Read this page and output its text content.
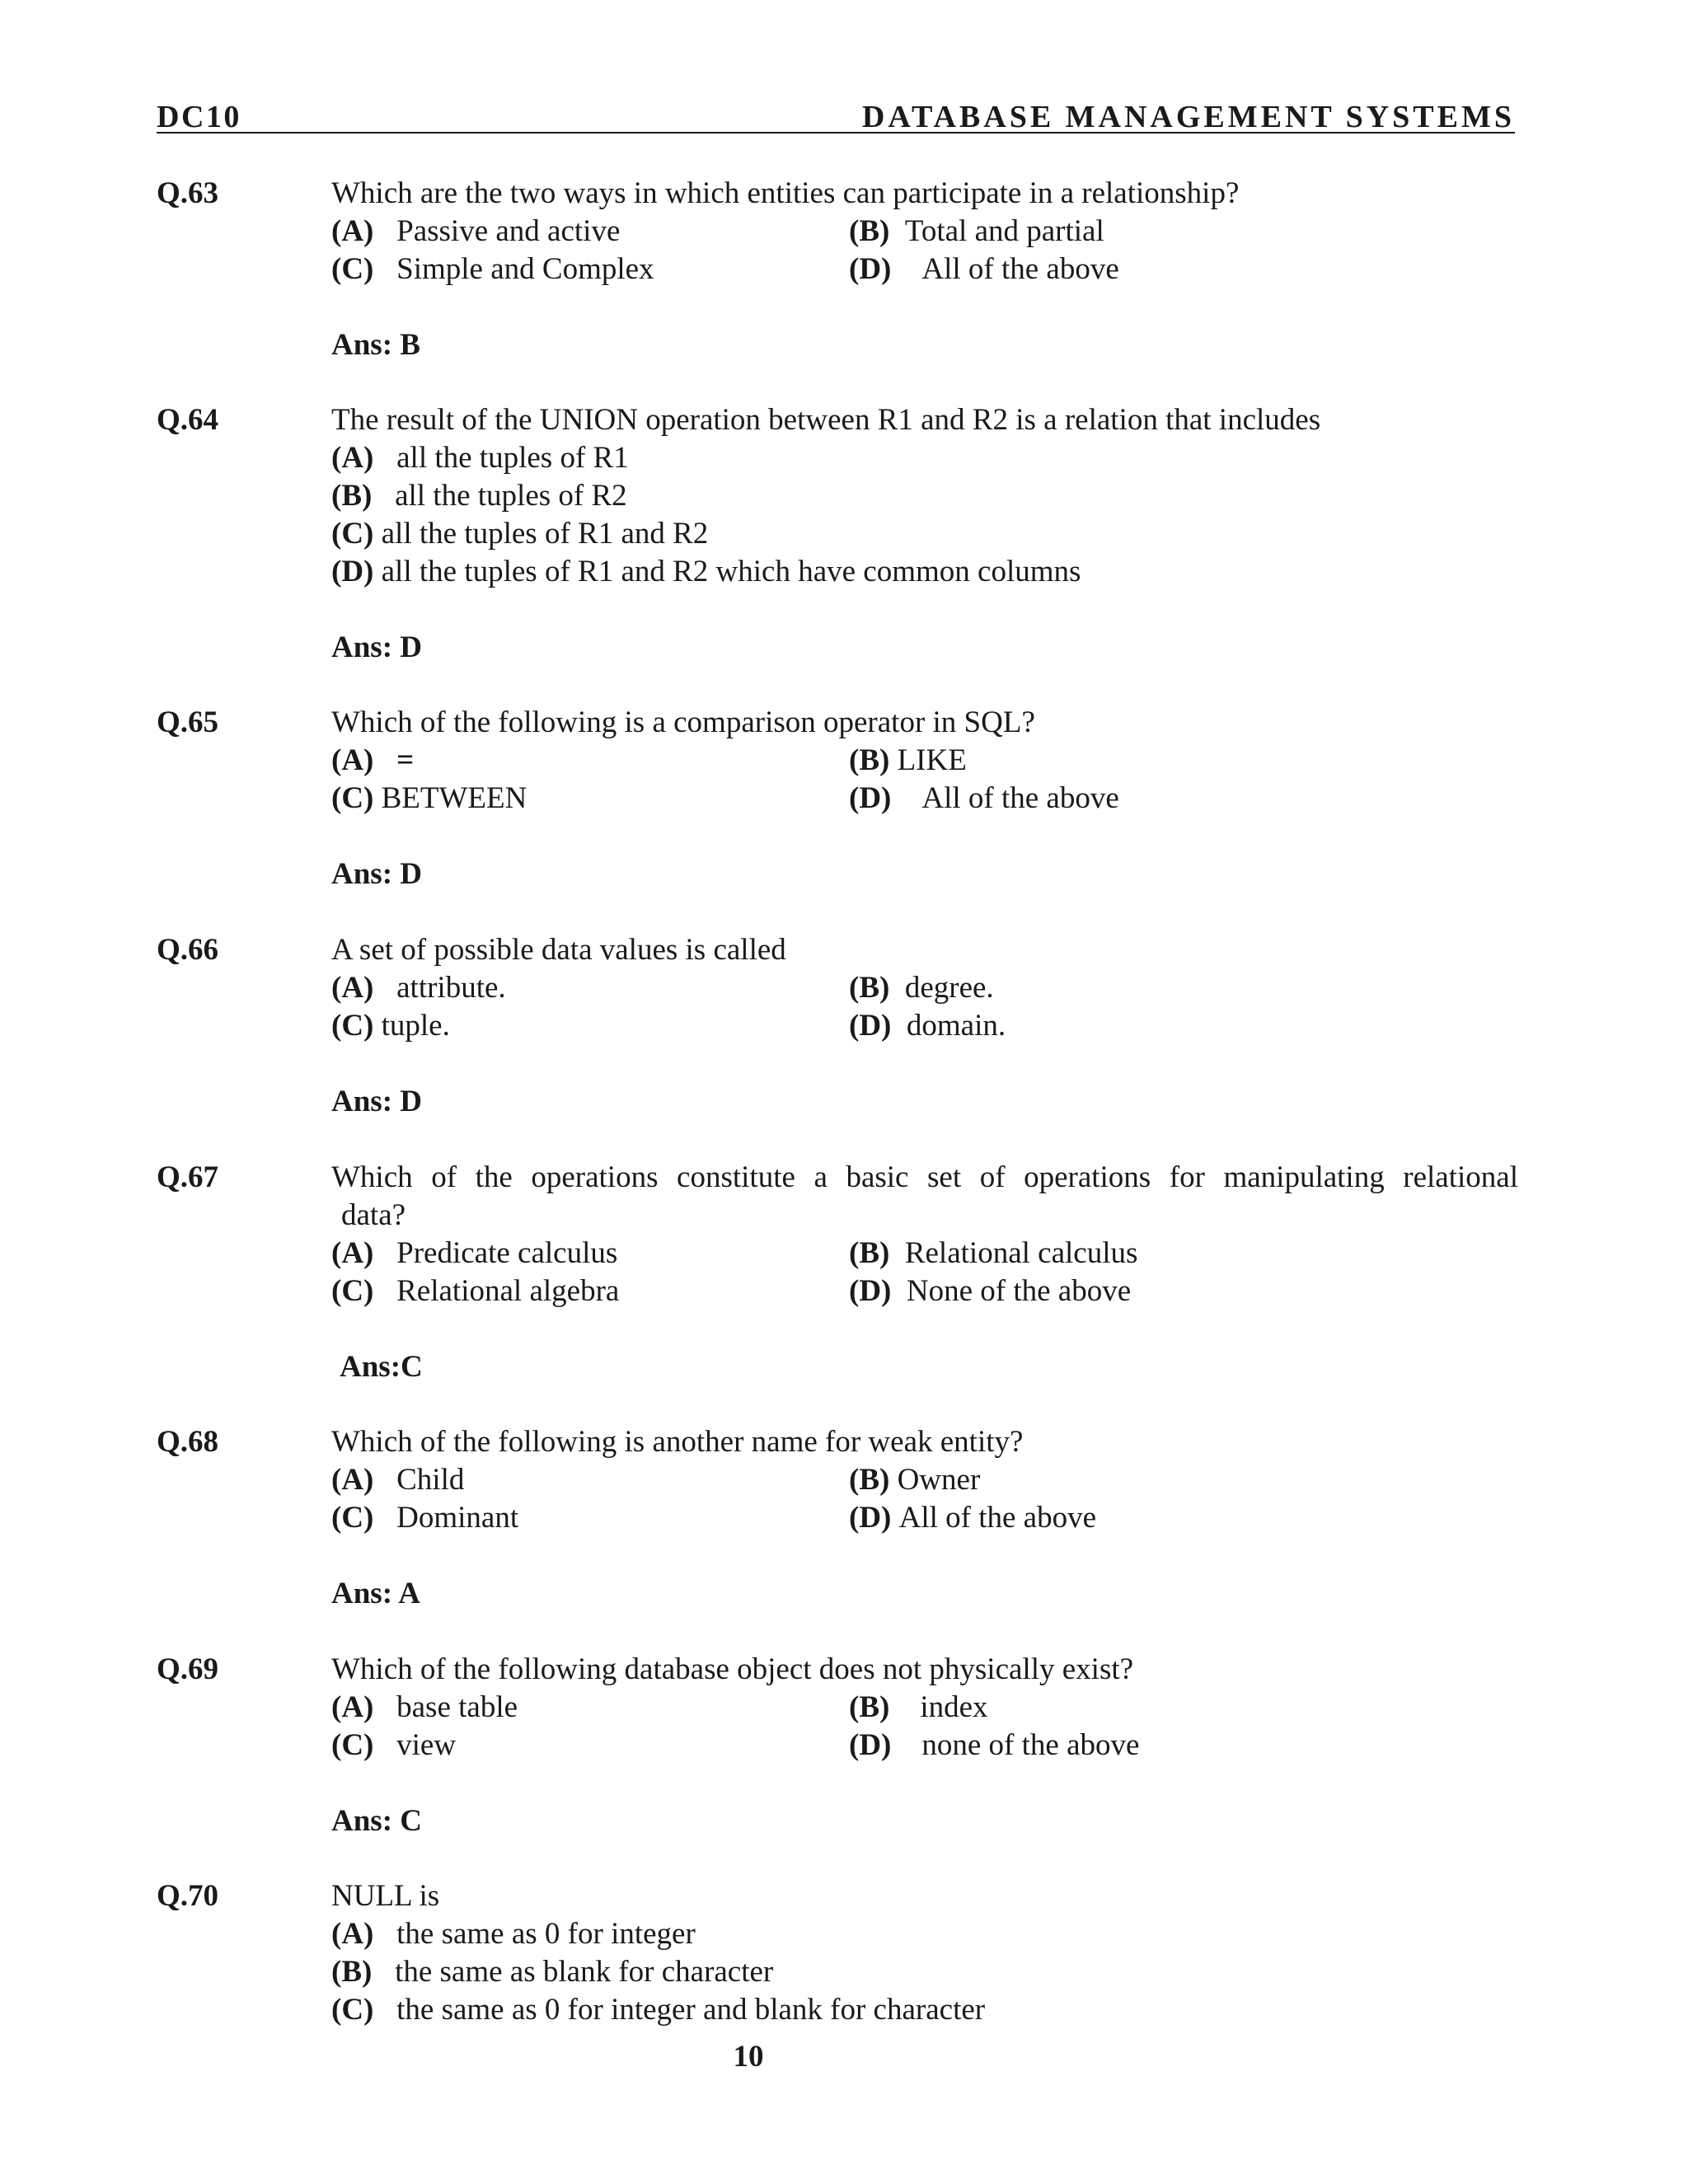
DC10	DATABASE MANAGEMENT SYSTEMS
Q.63	Which are the two ways in which entities can participate in a relationship?
(A) Passive and active	(B) Total and partial
(C) Simple and Complex	(D) All of the above
Ans: B
Q.64	The result of the UNION operation between R1 and R2 is a relation that includes
(A) all the tuples of R1
(B) all the tuples of R2
(C) all the tuples of R1 and R2
(D) all the tuples of R1 and R2 which have common columns
Ans: D
Q.65	Which of the following is a comparison operator in SQL?
(A) =	(B) LIKE
(C) BETWEEN	(D) All of the above
Ans: D
Q.66	A set of possible data values is called
(A) attribute.	(B) degree.
(C) tuple.	(D) domain.
Ans: D
Q.67	Which of the operations constitute a basic set of operations for manipulating relational
data?
(A) Predicate calculus	(B) Relational calculus
(C) Relational algebra	(D) None of the above
Ans:C
Q.68	Which of the following is another name for weak entity?
(A) Child	(B) Owner
(C) Dominant	(D) All of the above
Ans: A
Q.69	Which of the following database object does not physically exist?
(A) base table	(B) index
(C) view	(D) none of the above
Ans: C
Q.70	NULL is
(A) the same as 0 for integer
(B) the same as blank for character
(C) the same as 0 for integer and blank for character
10
